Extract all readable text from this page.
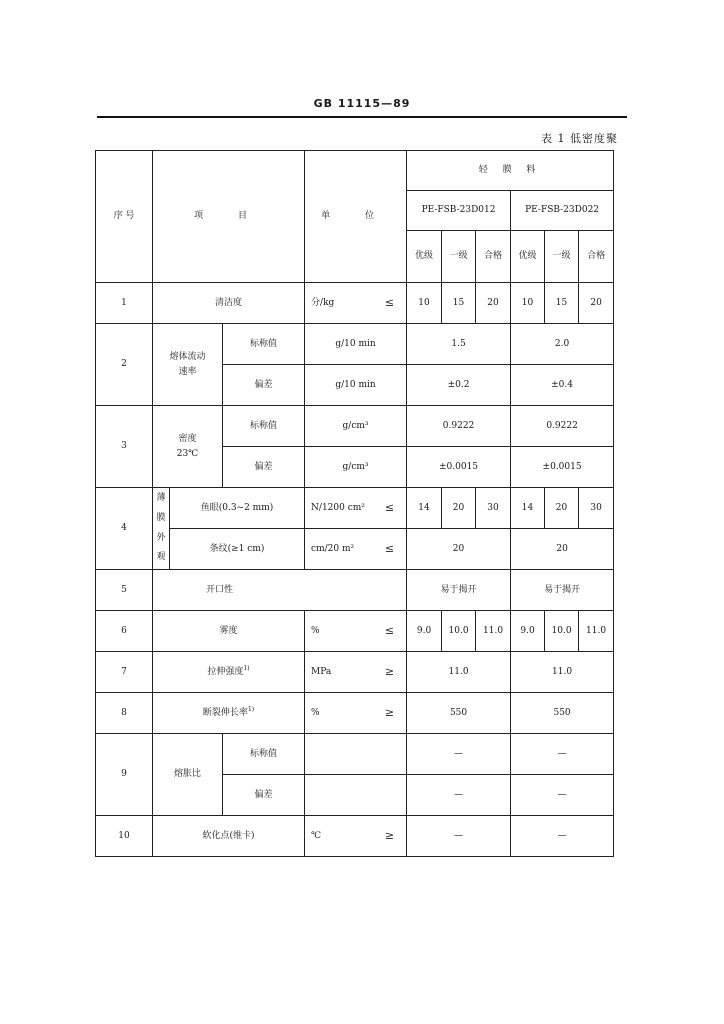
GB 11115—89
表 1 低密度聚
序 号	项 目			单 位	轻 膜 料					
					PE-FSB-23D012			PE-FSB-23D022		
					优级	一级	合格	优级	一级	合格
1	清洁度			分/kg ≤	10	15	20	10	15	20
2	熔体流动速率		标称值	g/10 min	1.5			2.0		
			偏差	g/10 min	±0.2			±0.4		
3	密度 23℃		标称值	g/cm³	0.9222			0.9222		
			偏差	g/cm³	±0.0015			±0.0015		
4	薄膜外观	鱼眼(0.3~2 mm)		N/1200 cm² ≤	14	20	30	14	20	30
		条纹(≥1 cm)		cm/20 m² ≤	20			20		
5	开口性				易于揭开			易于揭开		
6	雾度			% ≤	9.0	10.0	11.0	9.0	10.0	11.0
7	拉伸强度$^{1)}$			MPa ≥	11.0			11.0		
8	断裂伸长率$^{1)}$			% ≥	550			550		
9	熔胀比		标称值		—			—		
			偏差		—			—		
10	软化点(维卡)			℃ ≥	—			—		
